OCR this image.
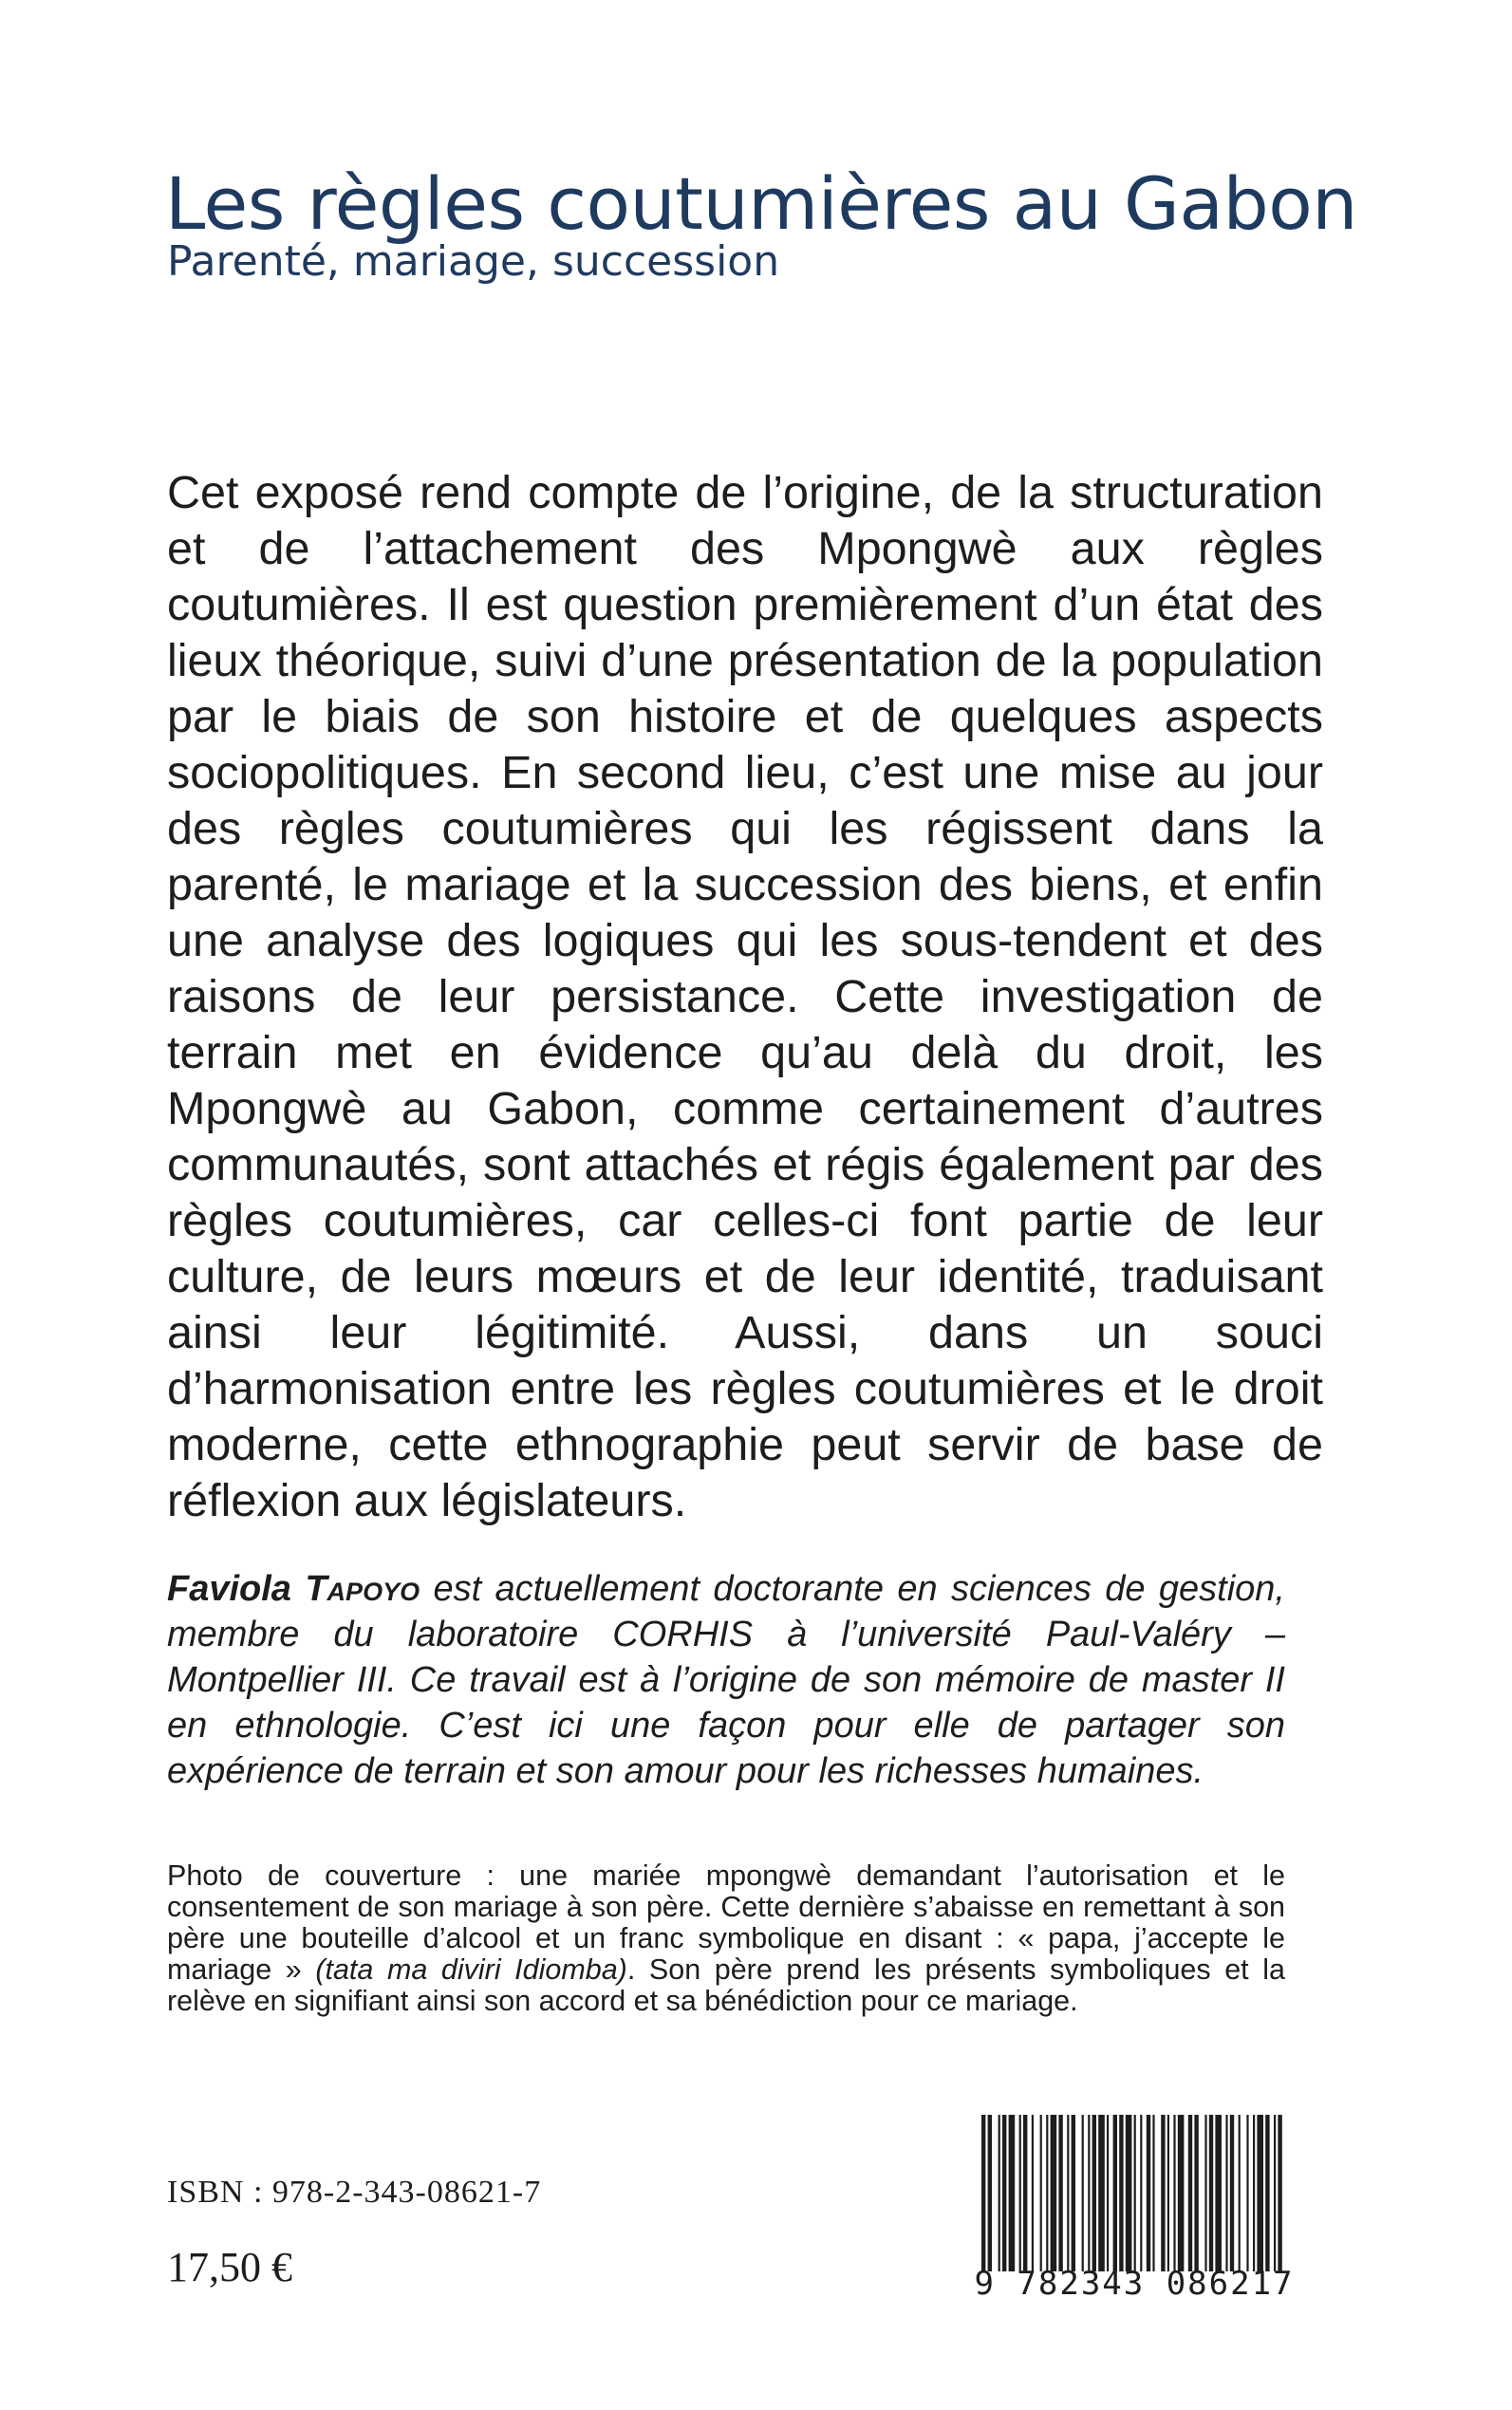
Les règles coutumières au Gabon
Parenté, mariage, succession

Cet exposé rend compte de l’origine, de la structuration et de l’attachement des Mpongwè aux règles coutumières. Il est question premièrement d’un état des lieux théorique, suivi d’une présentation de la population par le biais de son histoire et de quelques aspects sociopolitiques. En second lieu, c’est une mise au jour des règles coutumières qui les régissent dans la parenté, le mariage et la succession des biens, et enfin une analyse des logiques qui les sous-tendent et des raisons de leur persistance. Cette investigation de terrain met en évidence qu’au delà du droit, les Mpongwè au Gabon, comme certainement d’autres communautés, sont attachés et régis également par des règles coutumières, car celles-ci font partie de leur culture, de leurs mœurs et de leur identité, traduisant ainsi leur légitimité. Aussi, dans un souci d’harmonisation entre les règles coutumières et le droit moderne, cette ethnographie peut servir de base de réflexion aux législateurs.

Faviola Tapoyo est actuellement doctorante en sciences de gestion, membre du laboratoire CORHIS à l’université Paul-Valéry – Montpellier III. Ce travail est à l’origine de son mémoire de master II en ethnologie. C’est ici une façon pour elle de partager son expérience de terrain et son amour pour les richesses humaines.

Photo de couverture : une mariée mpongwè demandant l’autorisation et le consentement de son mariage à son père. Cette dernière s’abaisse en remettant à son père une bouteille d’alcool et un franc symbolique en disant : « papa, j’accepte le mariage » (tata ma diviri Idiomba). Son père prend les présents symboliques et la relève en signifiant ainsi son accord et sa bénédiction pour ce mariage.

ISBN : 978-2-343-08621-7

17,50 €	9 782343 086217
